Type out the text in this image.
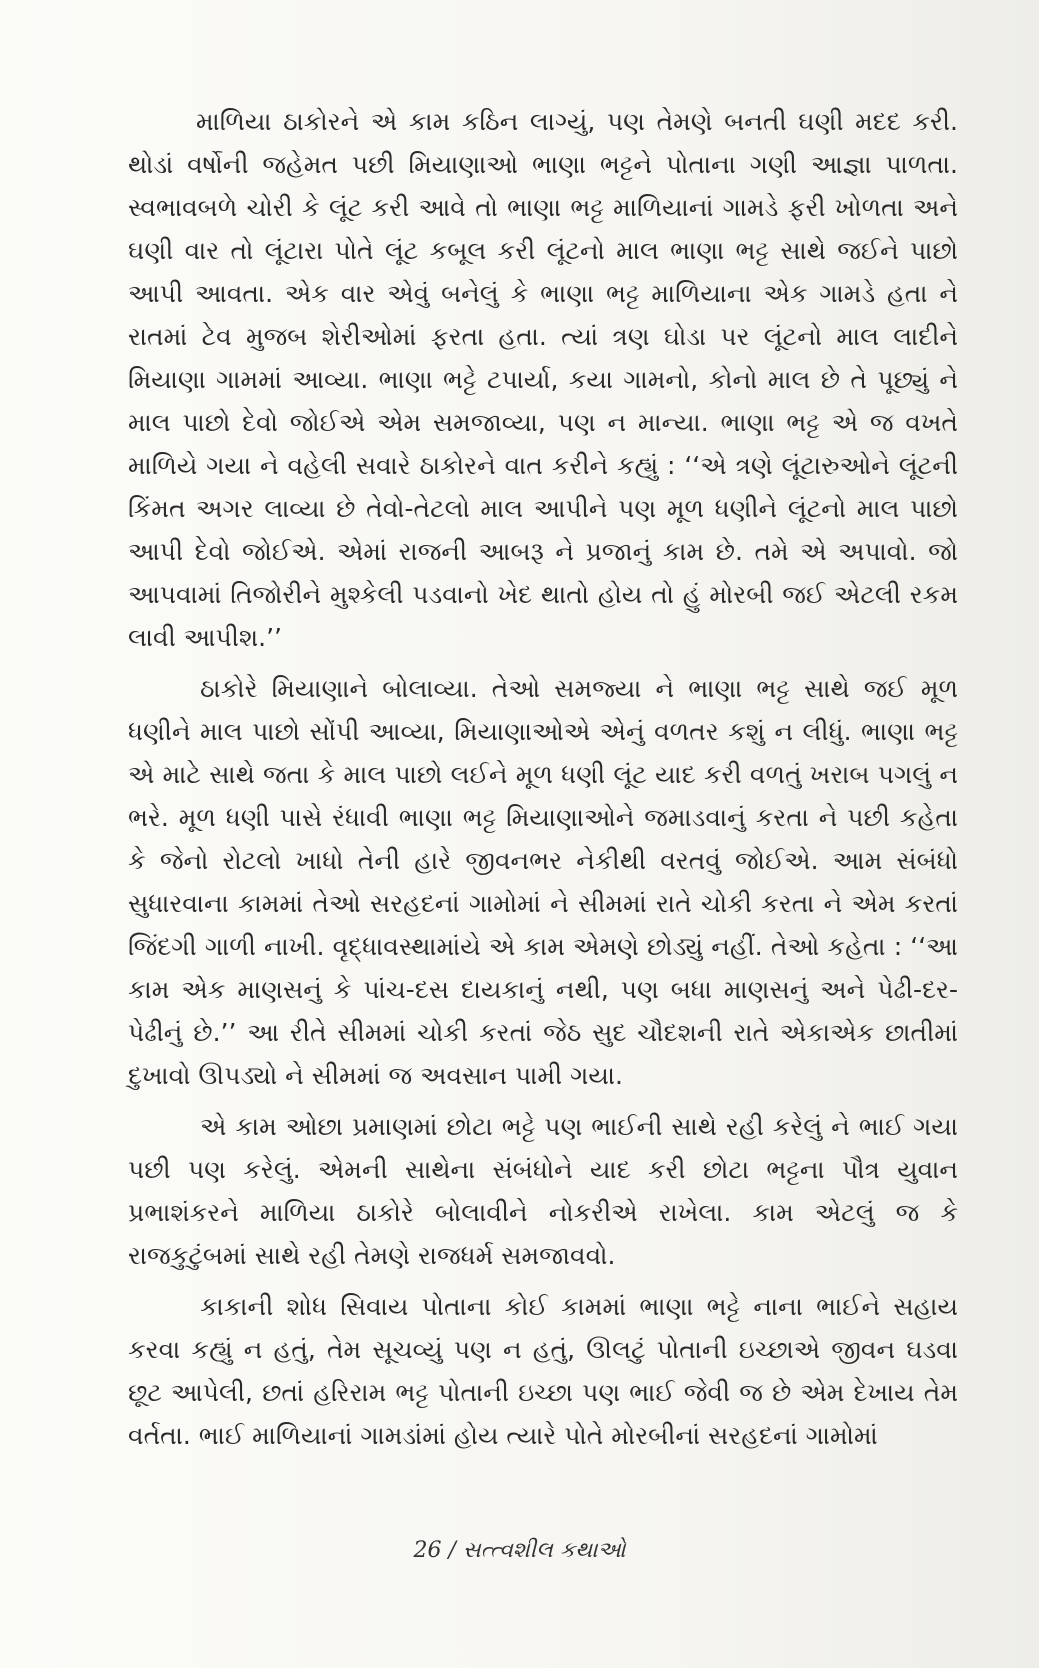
માળિયા ઠાકોરને એ કામ કઠિન લાગ્યું, પણ તેમણે બનતી ઘણી મદદ કરી. થોડાં વર્ષોની જહેમત પછી મિયાણાઓ ભાણા ભટ્ટને પોતાના ગણી આજ્ઞા પાળતા. સ્વભાવબળે ચોરી કે લૂંટ કરી આવે તો ભાણા ભટ્ટ માળિયાનાં ગામડે ફરી ખોળતા અને ઘણી વાર તો લૂંટારા પોતે લૂંટ કબૂલ કરી લૂંટનો માલ ભાણા ભટ્ટ સાથે જઈને પાછો આપી આવતા. એક વાર એવું બનેલું કે ભાણા ભટ્ટ માળિયાના એક ગામડે હતા ને રાતમાં ટેવ મુજબ શેરીઓમાં ફરતા હતા. ત્યાં ત્રણ ઘોડા પર લૂંટનો માલ લાદીને મિયાણા ગામમાં આવ્યા. ભાણા ભટ્ટે ટપાર્યા, કયા ગામનો, કોનો માલ છે તે પૂછ્યું ને માલ પાછો દેવો જોઈએ એમ સમજાવ્યા, પણ ન માન્યા. ભાણા ભટ્ટ એ જ વખતે માળિયે ગયા ને વહેલી સવારે ઠાકોરને વાત કરીને કહ્યું : ‘‘એ ત્રણે લૂંટારુઓને લૂંટની કિંમત અગર લાવ્યા છે તેવો-તેટલો માલ આપીને પણ મૂળ ધણીને લૂંટનો માલ પાછો આપી દેવો જોઈએ. એમાં રાજની આબરૂ ને પ્રજાનું કામ છે. તમે એ અપાવો. જો આપવામાં તિજોરીને મુશ્કેલી પડવાનો ખેદ થાતો હોય તો હું મોરબી જઈ એટલી રકમ લાવી આપીશ.’’

ઠાકોરે મિયાણાને બોલાવ્યા. તેઓ સમજ્યા ને ભાણા ભટ્ટ સાથે જઈ મૂળ ધણીને માલ પાછો સોંપી આવ્યા, મિયાણાઓએ એનું વળતર કશું ન લીધું. ભાણા ભટ્ટ એ માટે સાથે જતા કે માલ પાછો લઈને મૂળ ધણી લૂંટ યાદ કરી વળતું ખરાબ પગલું ન ભરે. મૂળ ધણી પાસે રંધાવી ભાણા ભટ્ટ મિયાણાઓને જમાડવાનું કરતા ને પછી કહેતા કે જેનો રોટલો ખાધો તેની હારે જીવનભર નેકીથી વરતવું જોઈએ. આમ સંબંધો સુધારવાના કામમાં તેઓ સરહદનાં ગામોમાં ને સીમમાં રાતે ચોકી કરતા ને એમ કરતાં જિંદગી ગાળી નાખી. વૃદ્ધાવસ્થામાંયે એ કામ એમણે છોડ્યું નહીં. તેઓ કહેતા : ‘‘આ કામ એક માણસનું કે પાંચ-દસ દાયકાનું નથી, પણ બધા માણસનું અને પેઢી-દર-પેઢીનું છે.’’ આ રીતે સીમમાં ચોકી કરતાં જેઠ સુદ ચૌદશની રાતે એકાએક છાતીમાં દુખાવો ઊપડ્યો ને સીમમાં જ અવસાન પામી ગયા.

એ કામ ઓછા પ્રમાણમાં છોટા ભટ્ટે પણ ભાઈની સાથે રહી કરેલું ને ભાઈ ગયા પછી પણ કરેલું. એમની સાથેના સંબંધોને યાદ કરી છોટા ભટ્ટના પૌત્ર યુવાન પ્રભાશંકરને માળિયા ઠાકોરે બોલાવીને નોકરીએ રાખેલા. કામ એટલું જ કે રાજકુટુંબમાં સાથે રહી તેમણે રાજધર્મ સમજાવવો.

કાકાની શોધ સિવાય પોતાના કોઈ કામમાં ભાણા ભટ્ટે નાના ભાઈને સહાય કરવા કહ્યું ન હતું, તેમ સૂચવ્યું પણ ન હતું, ઊલટું પોતાની ઇચ્છાએ જીવન ઘડવા છૂટ આપેલી, છતાં હરિરામ ભટ્ટ પોતાની ઇચ્છા પણ ભાઈ જેવી જ છે એમ દેખાય તેમ વર્તતા. ભાઈ માળિયાનાં ગામડાંમાં હોય ત્યારે પોતે મોરબીનાં સરહદનાં ગામોમાં

26 / સત્ત્વશીલ કથાઓ
